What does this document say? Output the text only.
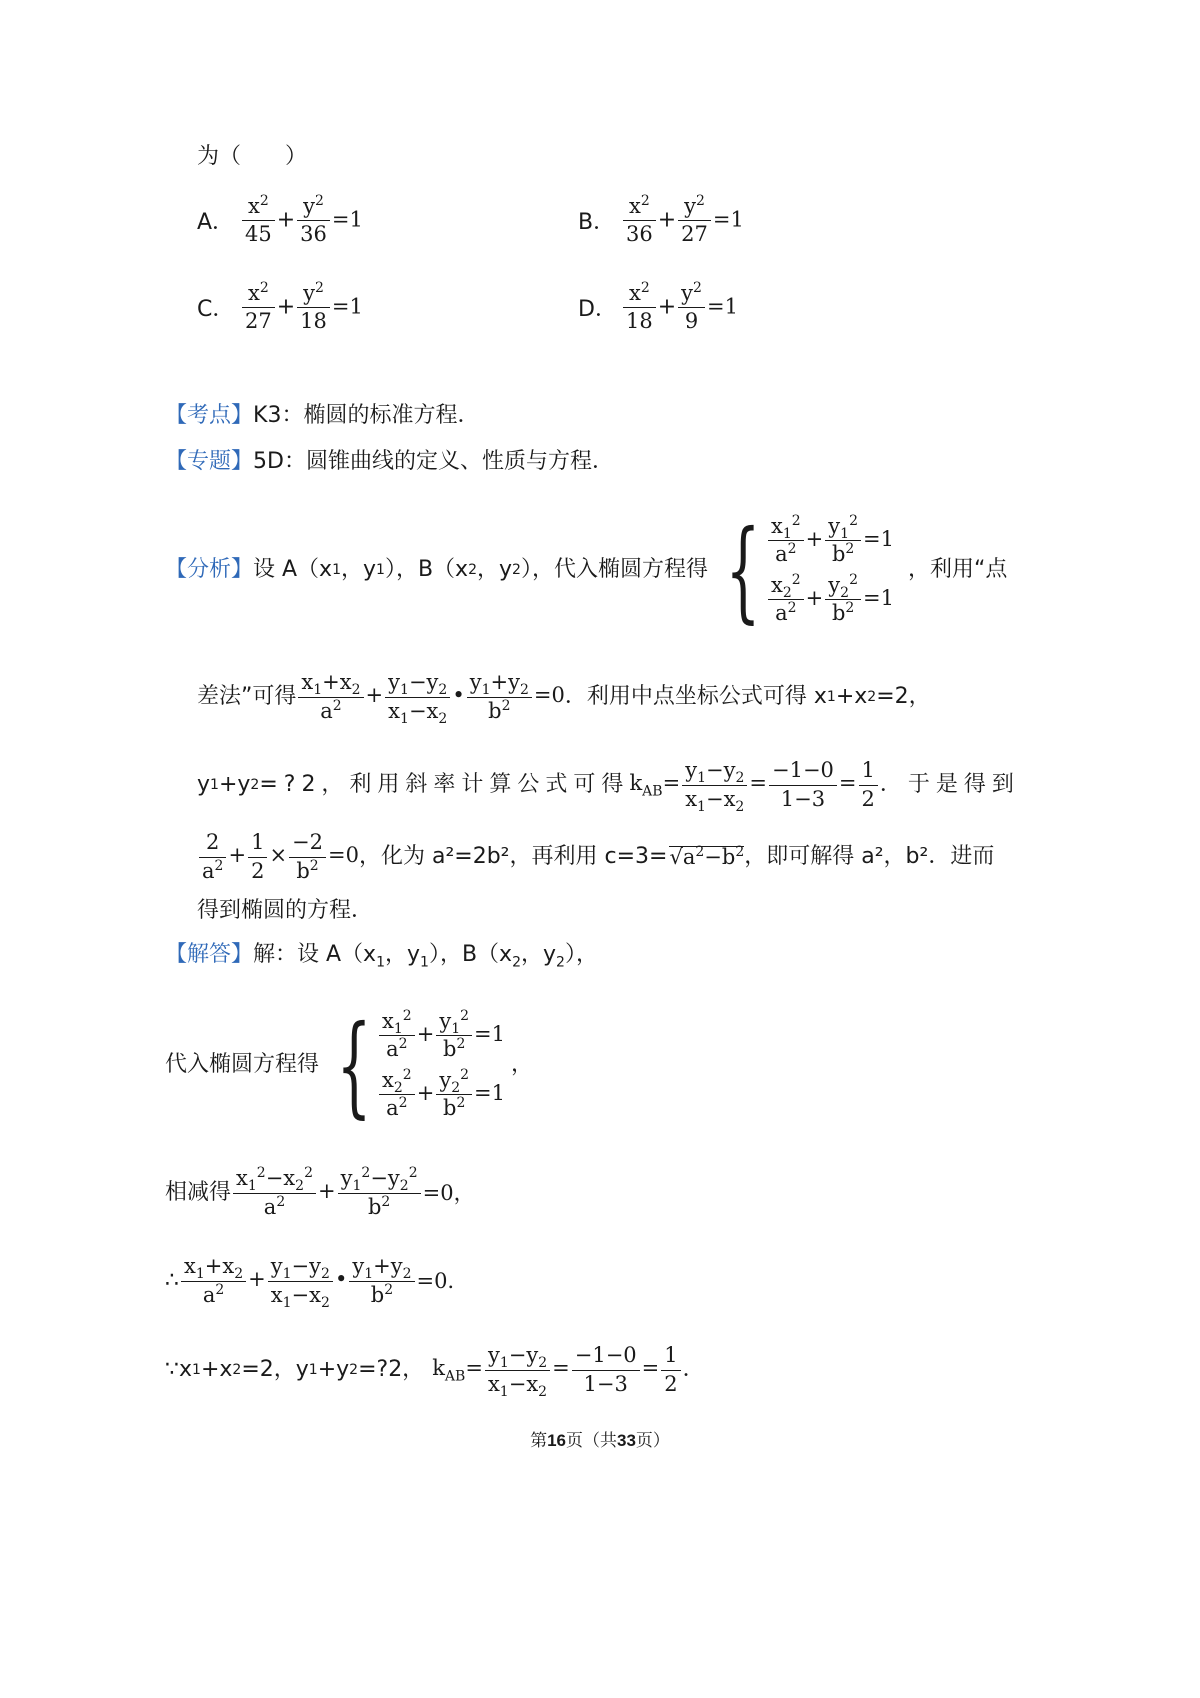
为（　　）
A． $\frac{x^2}{45} + \frac{y^2}{36} =1$	B． $\frac{x^2}{36} + \frac{y^2}{27} =1$
C． $\frac{x^2}{27} + \frac{y^2}{18} =1$	D． $\frac{x^2}{18} + \frac{y^2}{9} =1$
【考点】K3：椭圆的标准方程．
【专题】5D：圆锥曲线的定义、性质与方程．
【分析】 设 A（x 1 ，y 1 ），B（x 2 ，y 2 ），代入椭圆方程得 { $\frac{x_1^2}{a^2} + \frac{y_1^2}{b^2} =1$
$\frac{x_2^2}{a^2} + \frac{y_2^2}{b^2} =1$
，利用“点
差法”可得 $\frac{x_1+x_2}{a^2} + \frac{y_1-y_2}{x_1-x_2}$ • $\frac{y_1+y_2}{b^2} =0$ ．利用中点坐标公式可得 x 1 +x 2 =2，
y 1 +y 2 =?2，利用斜率计算公式可得 $k_{AB}= \frac{y_1-y_2}{x_1-x_2} = \frac{-1-0}{1-3} = \frac{1}{2}$ ．于是得到
$\frac{2}{a^2} + \frac{1}{2} \times \frac{-2}{b^2} =0$ ，化为 a²=2b²，再利用 $c=3= √a^2-b^2$ ，即可解得 a²，b²．进而
得到椭圆的方程．
【解答】解：设 $A(x_1$，$y_1$），$B(x_2$，$y_2$），
代入椭圆方程得 { $\frac{x_1^2}{a^2} + \frac{y_1^2}{b^2} =1$
$\frac{x_2^2}{a^2} + \frac{y_2^2}{b^2} =1$
，
相减得 $\frac{x_1^2-x_2^2}{a^2} + \frac{y_1^2-y_2^2}{b^2} =0$，
∴ $\frac{x_1+x_2}{a^2} + \frac{y_1-y_2}{x_1-x_2}$ • $\frac{y_1+y_2}{b^2} =0$．
∵x 1 +x 2 =2，y 1 +y 2 =?2， $k_{AB}= \frac{y_1-y_2}{x_1-x_2} = \frac{-1-0}{1-3} = \frac{1}{2}$ ．
第16页（共33页）
